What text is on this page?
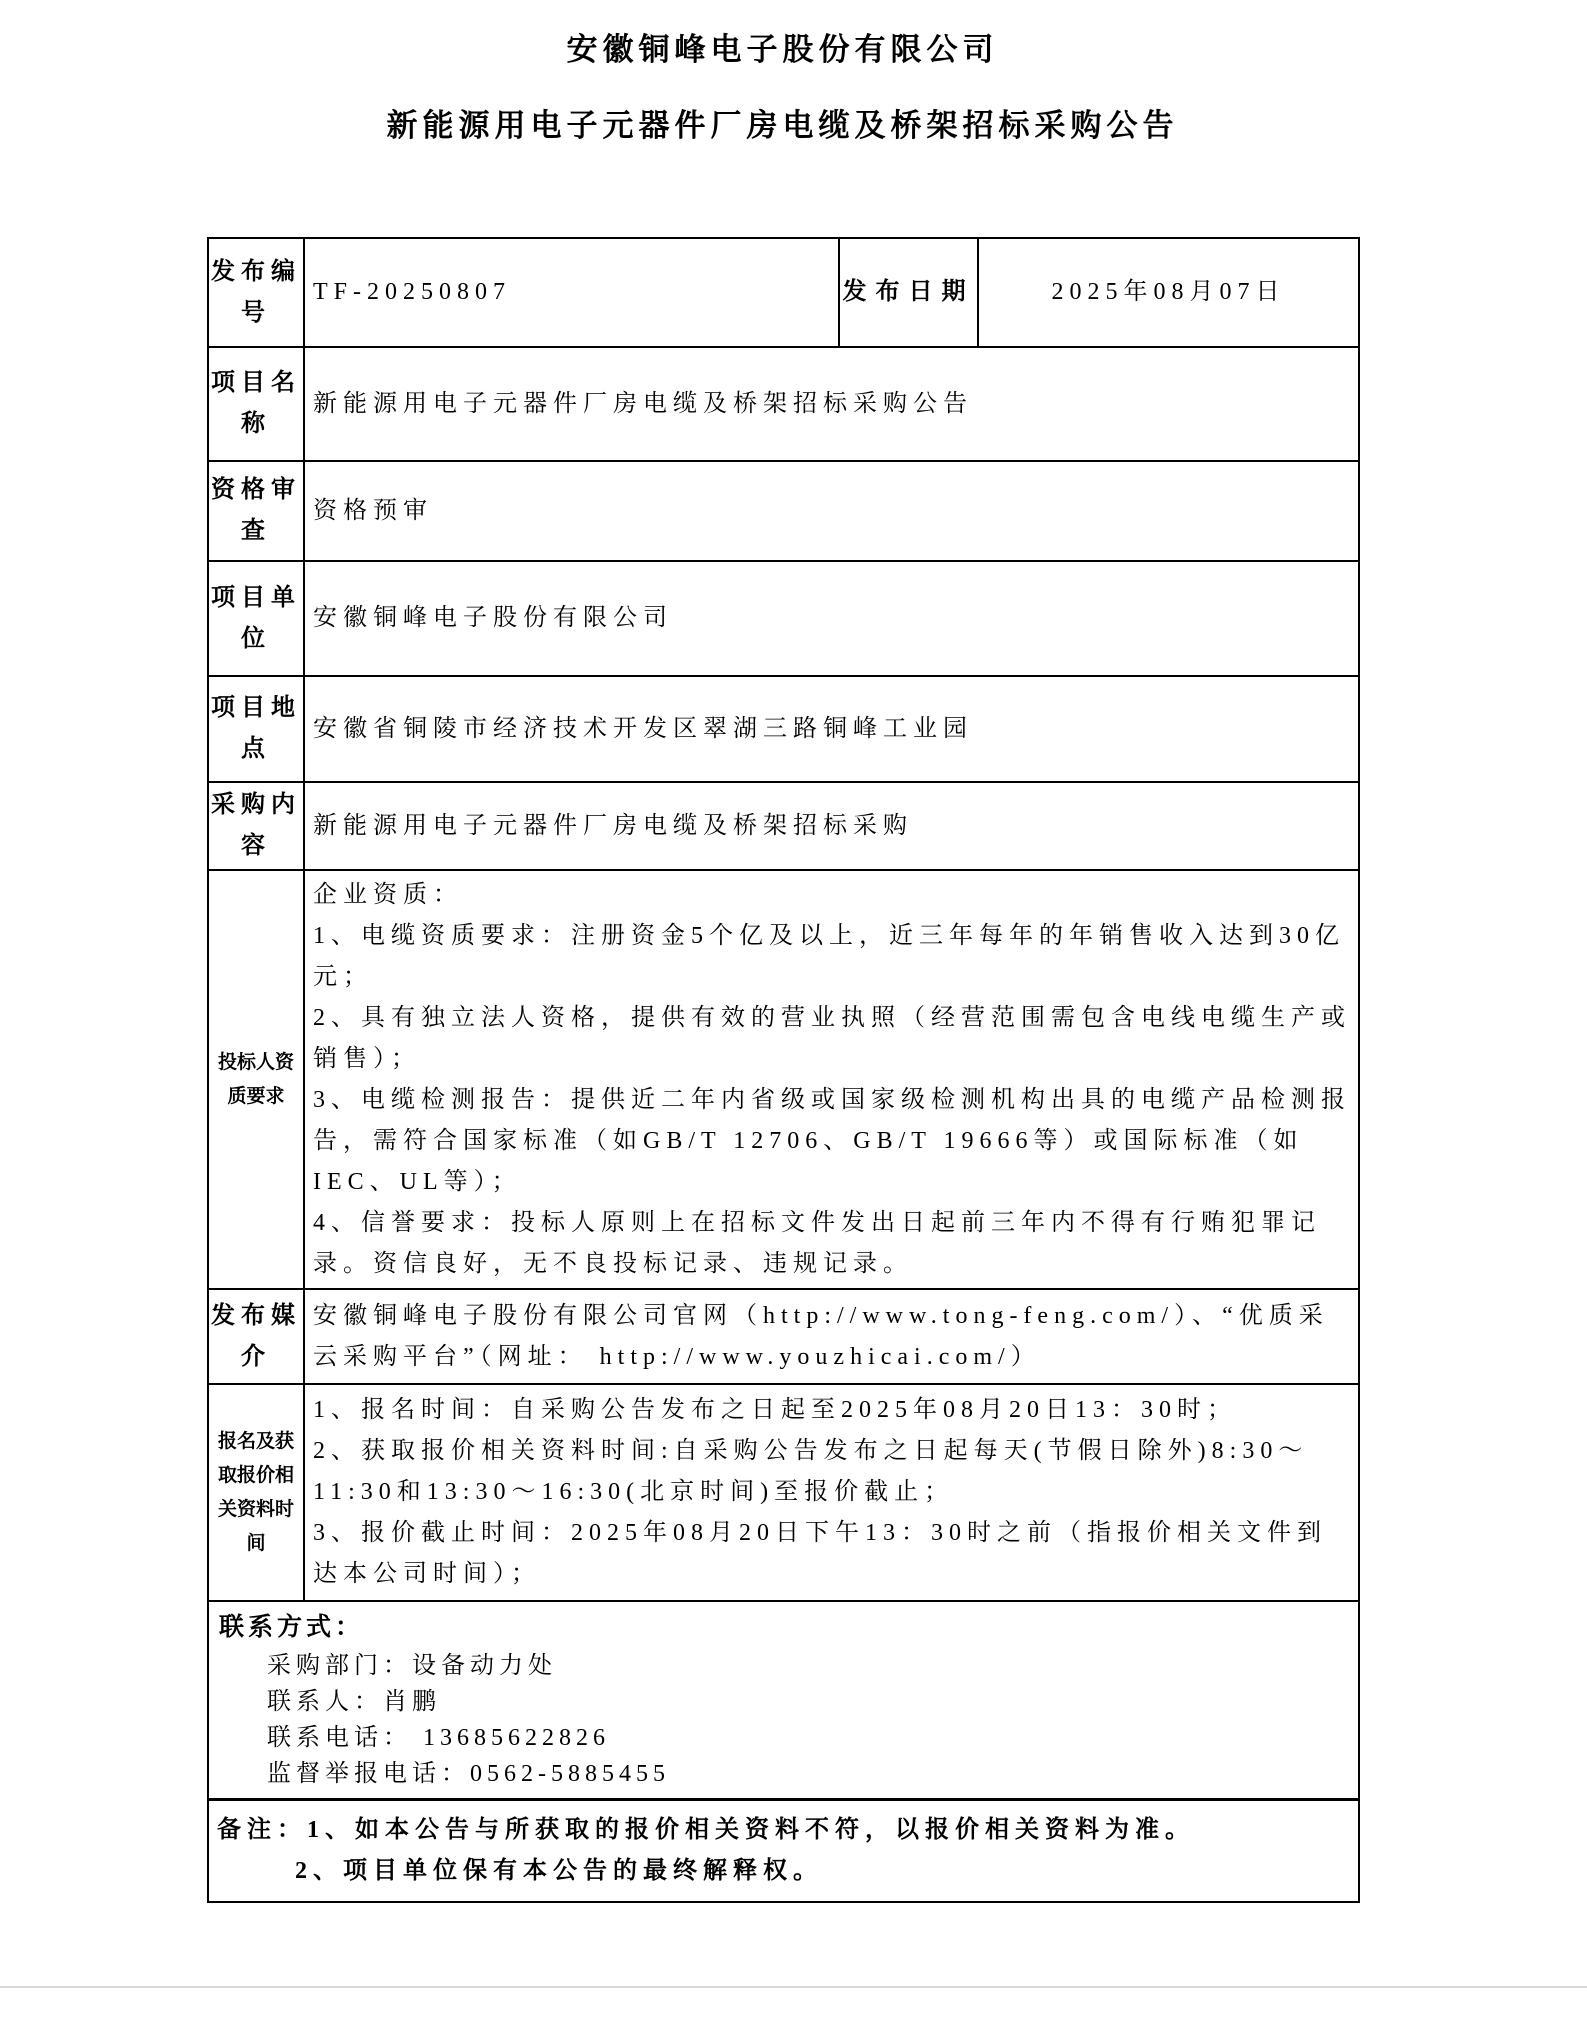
安徽铜峰电子股份有限公司
新能源用电子元器件厂房电缆及桥架招标采购公告
发布编号	TF-20250807	发布日期	2025年08月07日
项目名称	新能源用电子元器件厂房电缆及桥架招标采购公告		
资格审查	资格预审		
项目单位	安徽铜峰电子股份有限公司		
项目地点	安徽省铜陵市经济技术开发区翠湖三路铜峰工业园		
采购内容	新能源用电子元器件厂房电缆及桥架招标采购		
投标人资质要求	企业资质：
1、电缆资质要求：注册资金5个亿及以上，近三年每年的年销售收入达到30亿元；
2、具有独立法人资格，提供有效的营业执照（经营范围需包含电线电缆生产或销售）；
3、电缆检测报告：提供近二年内省级或国家级检测机构出具的电缆产品检测报告，需符合国家标准（如GB/T 12706、GB/T 19666等）或国际标准（如IEC、UL等）；
4、信誉要求：投标人原则上在招标文件发出日起前三年内不得有行贿犯罪记录。资信良好，无不良投标记录、违规记录。		

发布媒介	安徽铜峰电子股份有限公司官网（http://www.tong-feng.com/）、“优质采云采购平台”（网址： http://www.youzhicai.com/）		
报名及获取报价相关资料时间	1、报名时间：自采购公告发布之日起至2025年08月20日13：30时；
2、获取报价相关资料时间:自采购公告发布之日起每天(节假日除外)8:30～11:30和13:30～16:30(北京时间)至报价截止；
3、报价截止时间：2025年08月20日下午13：30时之前（指报价相关文件到达本公司时间）；		

联系方式：
采购部门：设备动力处
联系人：肖鹏
联系电话： 13685622826
监督举报电话：0562-5885455			

备注：1、如本公告与所获取的报价相关资料不符，以报价相关资料为准。
2、项目单位保有本公告的最终解释权。			
